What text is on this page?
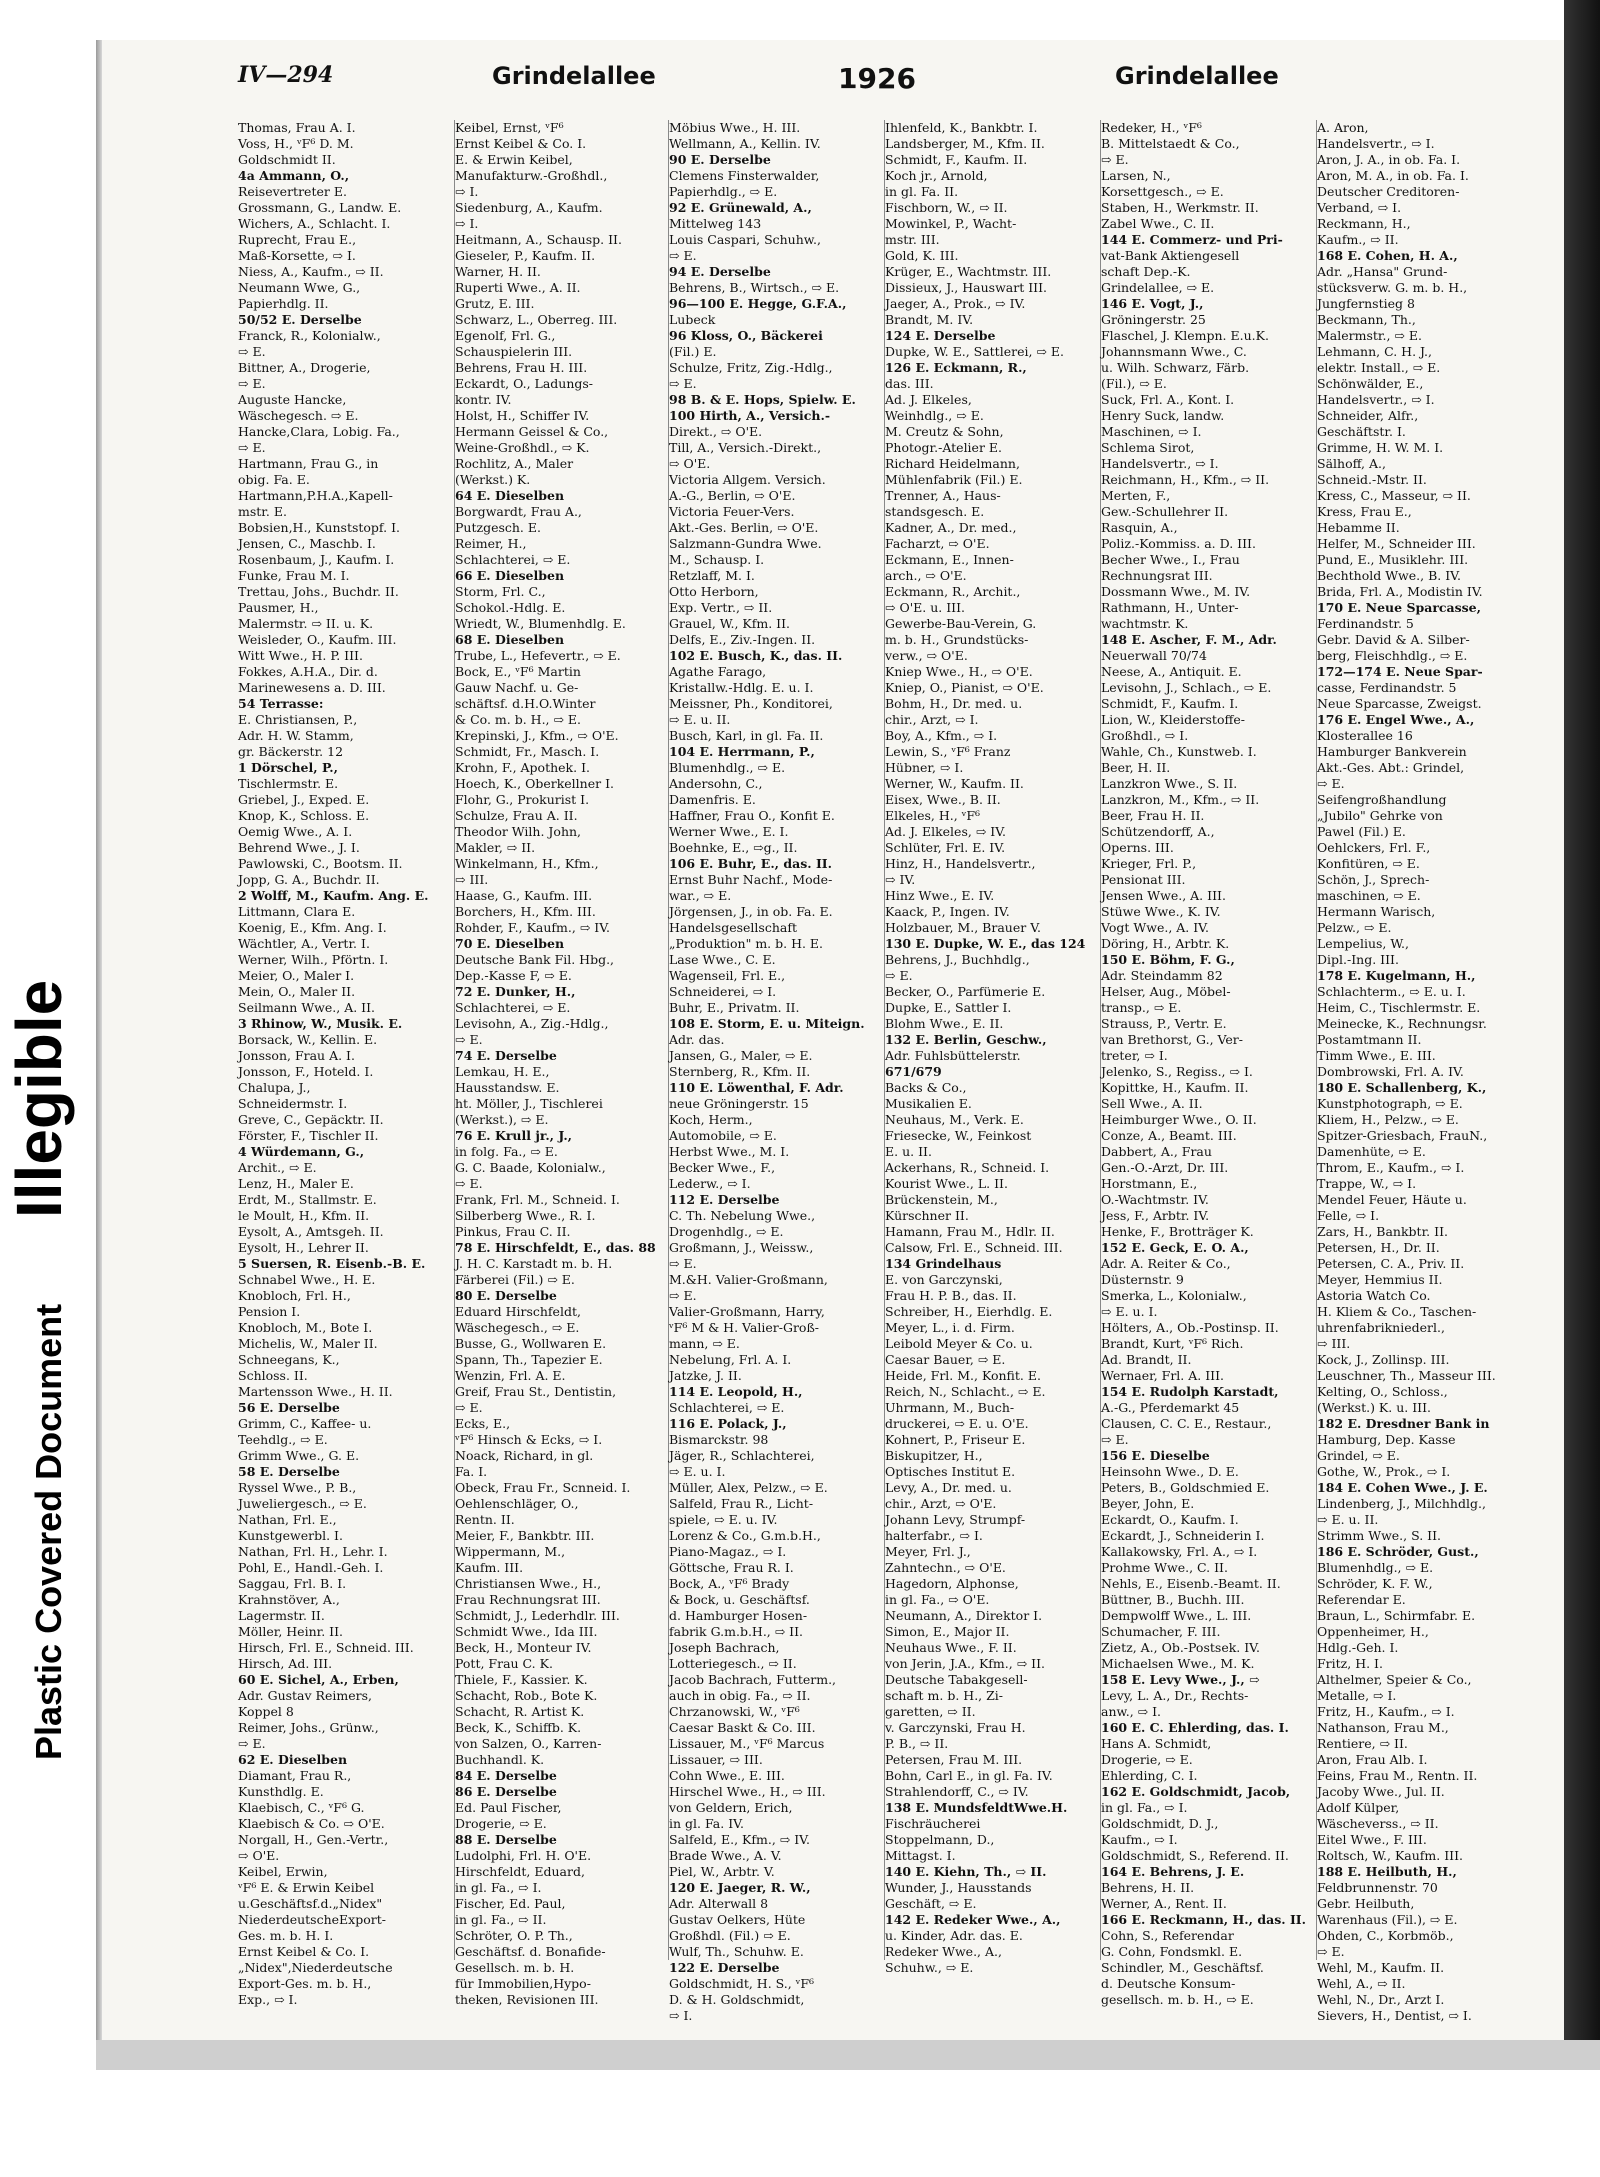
Illegible
Plastic Covered Document
IV—294	Grindelallee	1926	Grindelallee
Thomas, Frau A. I.
Voss, H., ᵛF⁶ D. M.
Goldschmidt II.
4a Ammann, O.,
Reisevertreter E.
Grossmann, G., Landw. E.
Wichers, A., Schlacht. I.
Ruprecht, Frau E.,
Maß-Korsette, ⇨ I.
Niess, A., Kaufm., ⇨ II.
Neumann Wwe, G.,
Papierhdlg. II.
50/52 E. Derselbe
Franck, R., Kolonialw.,
⇨ E.
Bittner, A., Drogerie,
⇨ E.
Auguste Hancke,
Wäschegesch. ⇨ E.
Hancke,Clara, Lobig. Fa.,
⇨ E.
Hartmann, Frau G., in
obig. Fa. E.
Hartmann,P.H.A.,Kapell-
mstr. E.
Bobsien,H., Kunststopf. I.
Jensen, C., Maschb. I.
Rosenbaum, J., Kaufm. I.
Funke, Frau M. I.
Trettau, Johs., Buchdr. II.
Pausmer, H.,
Malermstr. ⇨ II. u. K.
Weisleder, O., Kaufm. III.
Witt Wwe., H. P. III.
Fokkes, A.H.A., Dir. d.
Marinewesens a. D. III.
54 Terrasse:
E. Christiansen, P.,
Adr. H. W. Stamm,
gr. Bäckerstr. 12
1 Dörschel, P.,
Tischlermstr. E.
Griebel, J., Exped. E.
Knop, K., Schloss. E.
Oemig Wwe., A. I.
Behrend Wwe., J. I.
Pawlowski, C., Bootsm. II.
Jopp, G. A., Buchdr. II.
2 Wolff, M., Kaufm. Ang. E.
Littmann, Clara E.
Koenig, E., Kfm. Ang. I.
Wächtler, A., Vertr. I.
Werner, Wilh., Pförtn. I.
Meier, O., Maler I.
Mein, O., Maler II.
Seilmann Wwe., A. II.
3 Rhinow, W., Musik. E.
Borsack, W., Kellin. E.
Jonsson, Frau A. I.
Jonsson, F., Hoteld. I.
Chalupa, J.,
Schneidermstr. I.
Greve, C., Gepäcktr. II.
Förster, F., Tischler II.
4 Würdemann, G.,
Archit., ⇨ E.
Lenz, H., Maler E.
Erdt, M., Stallmstr. E.
le Moult, H., Kfm. II.
Eysolt, A., Amtsgeh. II.
Eysolt, H., Lehrer II.
5 Suersen, R. Eisenb.-B. E.
Schnabel Wwe., H. E.
Knobloch, Frl. H.,
Pension I.
Knobloch, M., Bote I.
Michelis, W., Maler II.
Schneegans, K.,
Schloss. II.
Martensson Wwe., H. II.
56 E. Derselbe
Grimm, C., Kaffee- u.
Teehdlg., ⇨ E.
Grimm Wwe., G. E.
58 E. Derselbe
Ryssel Wwe., P. B.,
Juweliergesch., ⇨ E.
Nathan, Frl. E.,
Kunstgewerbl. I.
Nathan, Frl. H., Lehr. I.
Pohl, E., Handl.-Geh. I.
Saggau, Frl. B. I.
Krahnstöver, A.,
Lagermstr. II.
Möller, Heinr. II.
Hirsch, Frl. E., Schneid. III.
Hirsch, Ad. III.
60 E. Sichel, A., Erben,
Adr. Gustav Reimers,
Koppel 8
Reimer, Johs., Grünw.,
⇨ E.
62 E. Dieselben
Diamant, Frau R.,
Kunsthdlg. E.
Klaebisch, C., ᵛF⁶ G.
Klaebisch & Co. ⇨ O'E.
Norgall, H., Gen.-Vertr.,
⇨ O'E.
Keibel, Erwin,
ᵛF⁶ E. & Erwin Keibel
u.Geschäftsf.d.„Nidex"
NiederdeutscheExport-
Ges. m. b. H. I.
Ernst Keibel & Co. I.
„Nidex",Niederdeutsche
Export-Ges. m. b. H.,
Exp., ⇨ I.
Keibel, Ernst, ᵛF⁶
Ernst Keibel & Co. I.
E. & Erwin Keibel,
Manufakturw.-Großhdl.,
⇨ I.
Siedenburg, A., Kaufm.
⇨ I.
Heitmann, A., Schausp. II.
Gieseler, P., Kaufm. II.
Warner, H. II.
Ruperti Wwe., A. II.
Grutz, E. III.
Schwarz, L., Oberreg. III.
Egenolf, Frl. G.,
Schauspielerin III.
Behrens, Frau H. III.
Eckardt, O., Ladungs-
kontr. IV.
Holst, H., Schiffer IV.
Hermann Geissel & Co.,
Weine-Großhdl., ⇨ K.
Rochlitz, A., Maler
(Werkst.) K.
64 E. Dieselben
Borgwardt, Frau A.,
Putzgesch. E.
Reimer, H.,
Schlachterei, ⇨ E.
66 E. Dieselben
Storm, Frl. C.,
Schokol.-Hdlg. E.
Wriedt, W., Blumenhdlg. E.
68 E. Dieselben
Trube, L., Hefevertr., ⇨ E.
Bock, E., ᵛF⁶ Martin
Gauw Nachf. u. Ge-
schäftsf. d.H.O.Winter
& Co. m. b. H., ⇨ E.
Krepinski, J., Kfm., ⇨ O'E.
Schmidt, Fr., Masch. I.
Krohn, F., Apothek. I.
Hoech, K., Oberkellner I.
Flohr, G., Prokurist I.
Schulze, Frau A. II.
Theodor Wilh. John,
Makler, ⇨ II.
Winkelmann, H., Kfm.,
⇨ III.
Haase, G., Kaufm. III.
Borchers, H., Kfm. III.
Rohder, F., Kaufm., ⇨ IV.
70 E. Dieselben
Deutsche Bank Fil. Hbg.,
Dep.-Kasse F, ⇨ E.
72 E. Dunker, H.,
Schlachterei, ⇨ E.
Levisohn, A., Zig.-Hdlg.,
⇨ E.
74 E. Derselbe
Lemkau, H. E.,
Hausstandsw. E.
ht. Möller, J., Tischlerei
(Werkst.), ⇨ E.
76 E. Krull jr., J.,
in folg. Fa., ⇨ E.
G. C. Baade, Kolonialw.,
⇨ E.
Frank, Frl. M., Schneid. I.
Silberberg Wwe., R. I.
Pinkus, Frau C. II.
78 E. Hirschfeldt, E., das. 88
J. H. C. Karstadt m. b. H.
Färberei (Fil.) ⇨ E.
80 E. Derselbe
Eduard Hirschfeldt,
Wäschegesch., ⇨ E.
Busse, G., Wollwaren E.
Spann, Th., Tapezier E.
Wenzin, Frl. A. E.
Greif, Frau St., Dentistin,
⇨ E.
Ecks, E.,
ᵛF⁶ Hinsch & Ecks, ⇨ I.
Noack, Richard, in gl.
Fa. I.
Obeck, Frau Fr., Scnneid. I.
Oehlenschläger, O.,
Rentn. II.
Meier, F., Bankbtr. III.
Wippermann, M.,
Kaufm. III.
Christiansen Wwe., H.,
Frau Rechnungsrat III.
Schmidt, J., Lederhdlr. III.
Schmidt Wwe., Ida III.
Beck, H., Monteur IV.
Pott, Frau C. K.
Thiele, F., Kassier. K.
Schacht, Rob., Bote K.
Schacht, R. Artist K.
Beck, K., Schiffb. K.
von Salzen, O., Karren-
Buchhandl. K.
84 E. Derselbe
86 E. Derselbe
Ed. Paul Fischer,
Drogerie, ⇨ E.
88 E. Derselbe
Ludolphi, Frl. H. O'E.
Hirschfeldt, Eduard,
in gl. Fa., ⇨ I.
Fischer, Ed. Paul,
in gl. Fa., ⇨ II.
Schröter, O. P. Th.,
Geschäftsf. d. Bonafide-
Gesellsch. m. b. H.
für Immobilien,Hypo-
theken, Revisionen III.
Möbius Wwe., H. III.
Wellmann, A., Kellin. IV.
90 E. Derselbe
Clemens Finsterwalder,
Papierhdlg., ⇨ E.
92 E. Grünewald, A.,
Mittelweg 143
Louis Caspari, Schuhw.,
⇨ E.
94 E. Derselbe
Behrens, B., Wirtsch., ⇨ E.
96—100 E. Hegge, G.F.A.,
Lubeck
96 Kloss, O., Bäckerei
(Fil.) E.
Schulze, Fritz, Zig.-Hdlg.,
⇨ E.
98 B. & E. Hops, Spielw. E.
100 Hirth, A., Versich.-
Direkt., ⇨ O'E.
Till, A., Versich.-Direkt.,
⇨ O'E.
Victoria Allgem. Versich.
A.-G., Berlin, ⇨ O'E.
Victoria Feuer-Vers.
Akt.-Ges. Berlin, ⇨ O'E.
Salzmann-Gundra Wwe.
M., Schausp. I.
Retzlaff, M. I.
Otto Herborn,
Exp. Vertr., ⇨ II.
Grauel, W., Kfm. II.
Delfs, E., Ziv.-Ingen. II.
102 E. Busch, K., das. II.
Agathe Farago,
Kristallw.-Hdlg. E. u. I.
Meissner, Ph., Konditorei,
⇨ E. u. II.
Busch, Karl, in gl. Fa. II.
104 E. Herrmann, P.,
Blumenhdlg., ⇨ E.
Andersohn, C.,
Damenfris. E.
Haffner, Frau O., Konfit E.
Werner Wwe., E. I.
Boehnke, E., ⇨g., II.
106 E. Buhr, E., das. II.
Ernst Buhr Nachf., Mode-
war., ⇨ E.
Jörgensen, J., in ob. Fa. E.
Handelsgesellschaft
„Produktion" m. b. H. E.
Lase Wwe., C. E.
Wagenseil, Frl. E.,
Schneiderei, ⇨ I.
Buhr, E., Privatm. II.
108 E. Storm, E. u. Miteign.
Adr. das.
Jansen, G., Maler, ⇨ E.
Sternberg, R., Kfm. II.
110 E. Löwenthal, F. Adr.
neue Gröningerstr. 15
Koch, Herm.,
Automobile, ⇨ E.
Herbst Wwe., M. I.
Becker Wwe., F.,
Lederw., ⇨ I.
112 E. Derselbe
C. Th. Nebelung Wwe.,
Drogenhdlg., ⇨ E.
Großmann, J., Weissw.,
⇨ E.
M.&H. Valier-Großmann,
⇨ E.
Valier-Großmann, Harry,
ᵛF⁶ M & H. Valier-Groß-
mann, ⇨ E.
Nebelung, Frl. A. I.
Jatzke, J. II.
114 E. Leopold, H.,
Schlachterei, ⇨ E.
116 E. Polack, J.,
Bismarckstr. 98
Jäger, R., Schlachterei,
⇨ E. u. I.
Müller, Alex, Pelzw., ⇨ E.
Salfeld, Frau R., Licht-
spiele, ⇨ E. u. IV.
Lorenz & Co., G.m.b.H.,
Piano-Magaz., ⇨ I.
Göttsche, Frau R. I.
Bock, A., ᵛF⁶ Brady
& Bock, u. Geschäftsf.
d. Hamburger Hosen-
fabrik G.m.b.H., ⇨ II.
Joseph Bachrach,
Lotteriegesch., ⇨ II.
Jacob Bachrach, Futterm.,
auch in obig. Fa., ⇨ II.
Chrzanowski, W., ᵛF⁶
Caesar Baskt & Co. III.
Lissauer, M., ᵛF⁶ Marcus
Lissauer, ⇨ III.
Cohn Wwe., E. III.
Hirschel Wwe., H., ⇨ III.
von Geldern, Erich,
in gl. Fa. IV.
Salfeld, E., Kfm., ⇨ IV.
Brade Wwe., A. V.
Piel, W., Arbtr. V.
120 E. Jaeger, R. W.,
Adr. Alterwall 8
Gustav Oelkers, Hüte
Großhdl. (Fil.) ⇨ E.
Wulf, Th., Schuhw. E.
122 E. Derselbe
Goldschmidt, H. S., ᵛF⁶
D. & H. Goldschmidt,
⇨ I.
Ihlenfeld, K., Bankbtr. I.
Landsberger, M., Kfm. II.
Schmidt, F., Kaufm. II.
Koch jr., Arnold,
in gl. Fa. II.
Fischborn, W., ⇨ II.
Mowinkel, P., Wacht-
mstr. III.
Gold, K. III.
Krüger, E., Wachtmstr. III.
Dissieux, J., Hauswart III.
Jaeger, A., Prok., ⇨ IV.
Brandt, M. IV.
124 E. Derselbe
Dupke, W. E., Sattlerei, ⇨ E.
126 E. Eckmann, R.,
das. III.
Ad. J. Elkeles,
Weinhdlg., ⇨ E.
M. Creutz & Sohn,
Photogr.-Atelier E.
Richard Heidelmann,
Mühlenfabrik (Fil.) E.
Trenner, A., Haus-
standsgesch. E.
Kadner, A., Dr. med.,
Facharzt, ⇨ O'E.
Eckmann, E., Innen-
arch., ⇨ O'E.
Eckmann, R., Archit.,
⇨ O'E. u. III.
Gewerbe-Bau-Verein, G.
m. b. H., Grundstücks-
verw., ⇨ O'E.
Kniep Wwe., H., ⇨ O'E.
Kniep, O., Pianist, ⇨ O'E.
Bohm, H., Dr. med. u.
chir., Arzt, ⇨ I.
Boy, A., Kfm., ⇨ I.
Lewin, S., ᵛF⁶ Franz
Hübner, ⇨ I.
Werner, W., Kaufm. II.
Eisex, Wwe., B. II.
Elkeles, H., ᵛF⁶
Ad. J. Elkeles, ⇨ IV.
Schlüter, Frl. E. IV.
Hinz, H., Handelsvertr.,
⇨ IV.
Hinz Wwe., E. IV.
Kaack, P., Ingen. IV.
Holzbauer, M., Brauer V.
130 E. Dupke, W. E., das 124
Behrens, J., Buchhdlg.,
⇨ E.
Becker, O., Parfümerie E.
Dupke, E., Sattler I.
Blohm Wwe., E. II.
132 E. Berlin, Geschw.,
Adr. Fuhlsbüttelerstr.
671/679
Backs & Co.,
Musikalien E.
Neuhaus, M., Verk. E.
Friesecke, W., Feinkost
E. u. II.
Ackerhans, R., Schneid. I.
Kourist Wwe., L. II.
Brückenstein, M.,
Kürschner II.
Hamann, Frau M., Hdlr. II.
Calsow, Frl. E., Schneid. III.
134 Grindelhaus
E. von Garczynski,
Frau H. P. B., das. II.
Schreiber, H., Eierhdlg. E.
Meyer, L., i. d. Firm.
Leibold Meyer & Co. u.
Caesar Bauer, ⇨ E.
Heide, Frl. M., Konfit. E.
Reich, N., Schlacht., ⇨ E.
Uhrmann, M., Buch-
druckerei, ⇨ E. u. O'E.
Kohnert, P., Friseur E.
Biskupitzer, H.,
Optisches Institut E.
Levy, A., Dr. med. u.
chir., Arzt, ⇨ O'E.
Johann Levy, Strumpf-
halterfabr., ⇨ I.
Meyer, Frl. J.,
Zahntechn., ⇨ O'E.
Hagedorn, Alphonse,
in gl. Fa., ⇨ O'E.
Neumann, A., Direktor I.
Simon, E., Major II.
Neuhaus Wwe., F. II.
von Jerin, J.A., Kfm., ⇨ II.
Deutsche Tabakgesell-
schaft m. b. H., Zi-
garetten, ⇨ II.
v. Garczynski, Frau H.
P. B., ⇨ II.
Petersen, Frau M. III.
Bohn, Carl E., in gl. Fa. IV.
Strahlendorff, C., ⇨ IV.
138 E. MundsfeldtWwe.H.
Fischräucherei
Stoppelmann, D.,
Mittagst. I.
140 E. Kiehn, Th., ⇨ II.
Wunder, J., Hausstands
Geschäft, ⇨ E.
142 E. Redeker Wwe., A.,
u. Kinder, Adr. das. E.
Redeker Wwe., A.,
Schuhw., ⇨ E.
Redeker, H., ᵛF⁶
B. Mittelstaedt & Co.,
⇨ E.
Larsen, N.,
Korsettgesch., ⇨ E.
Staben, H., Werkmstr. II.
Zabel Wwe., C. II.
144 E. Commerz- und Pri-
vat-Bank Aktiengesell
schaft Dep.-K.
Grindelallee, ⇨ E.
146 E. Vogt, J.,
Gröningerstr. 25
Flaschel, J. Klempn. E.u.K.
Johannsmann Wwe., C.
u. Wilh. Schwarz, Färb.
(Fil.), ⇨ E.
Suck, Frl. A., Kont. I.
Henry Suck, landw.
Maschinen, ⇨ I.
Schlema Sirot,
Handelsvertr., ⇨ I.
Reichmann, H., Kfm., ⇨ II.
Merten, F.,
Gew.-Schullehrer II.
Rasquin, A.,
Poliz.-Kommiss. a. D. III.
Becher Wwe., I., Frau
Rechnungsrat III.
Dossmann Wwe., M. IV.
Rathmann, H., Unter-
wachtmstr. K.
148 E. Ascher, F. M., Adr.
Neuerwall 70/74
Neese, A., Antiquit. E.
Levisohn, J., Schlach., ⇨ E.
Schmidt, F., Kaufm. I.
Lion, W., Kleiderstoffe-
Großhdl., ⇨ I.
Wahle, Ch., Kunstweb. I.
Beer, H. II.
Lanzkron Wwe., S. II.
Lanzkron, M., Kfm., ⇨ II.
Beer, Frau H. II.
Schützendorff, A.,
Operns. III.
Krieger, Frl. P.,
Pensionat III.
Jensen Wwe., A. III.
Stüwe Wwe., K. IV.
Vogt Wwe., A. IV.
Döring, H., Arbtr. K.
150 E. Böhm, F. G.,
Adr. Steindamm 82
Helser, Aug., Möbel-
transp., ⇨ E.
Strauss, P., Vertr. E.
van Brethorst, G., Ver-
treter, ⇨ I.
Jelenko, S., Regiss., ⇨ I.
Kopittke, H., Kaufm. II.
Sell Wwe., A. II.
Heimburger Wwe., O. II.
Conze, A., Beamt. III.
Dabbert, A., Frau
Gen.-O.-Arzt, Dr. III.
Horstmann, E.,
O.-Wachtmstr. IV.
Jess, F., Arbtr. IV.
Henke, F., Brotträger K.
152 E. Geck, E. O. A.,
Adr. A. Reiter & Co.,
Düsternstr. 9
Smerka, L., Kolonialw.,
⇨ E. u. I.
Hölters, A., Ob.-Postinsp. II.
Brandt, Kurt, ᵛF⁶ Rich.
Ad. Brandt, II.
Wernaer, Frl. A. III.
154 E. Rudolph Karstadt,
A.-G., Pferdemarkt 45
Clausen, C. C. E., Restaur.,
⇨ E.
156 E. Dieselbe
Heinsohn Wwe., D. E.
Peters, B., Goldschmied E.
Beyer, John, E.
Eckardt, O., Kaufm. I.
Eckardt, J., Schneiderin I.
Kallakowsky, Frl. A., ⇨ I.
Prohme Wwe., C. II.
Nehls, E., Eisenb.-Beamt. II.
Büttner, B., Buchh. III.
Dempwolff Wwe., L. III.
Schumacher, F. III.
Zietz, A., Ob.-Postsek. IV.
Michaelsen Wwe., M. K.
158 E. Levy Wwe., J., ⇨
Levy, L. A., Dr., Rechts-
anw., ⇨ I.
160 E. C. Ehlerding, das. I.
Hans A. Schmidt,
Drogerie, ⇨ E.
Ehlerding, C. I.
162 E. Goldschmidt, Jacob,
in gl. Fa., ⇨ I.
Goldschmidt, D. J.,
Kaufm., ⇨ I.
Goldschmidt, S., Referend. II.
164 E. Behrens, J. E.
Behrens, H. II.
Werner, A., Rent. II.
166 E. Reckmann, H., das. II.
Cohn, S., Referendar
G. Cohn, Fondsmkl. E.
Schindler, M., Geschäftsf.
d. Deutsche Konsum-
gesellsch. m. b. H., ⇨ E.
A. Aron,
Handelsvertr., ⇨ I.
Aron, J. A., in ob. Fa. I.
Aron, M. A., in ob. Fa. I.
Deutscher Creditoren-
Verband, ⇨ I.
Reckmann, H.,
Kaufm., ⇨ II.
168 E. Cohen, H. A.,
Adr. „Hansa" Grund-
stücksverw. G. m. b. H.,
Jungfernstieg 8
Beckmann, Th.,
Malermstr., ⇨ E.
Lehmann, C. H. J.,
elektr. Install., ⇨ E.
Schönwälder, E.,
Handelsvertr., ⇨ I.
Schneider, Alfr.,
Geschäftstr. I.
Grimme, H. W. M. I.
Sälhoff, A.,
Schneid.-Mstr. II.
Kress, C., Masseur, ⇨ II.
Kress, Frau E.,
Hebamme II.
Helfer, M., Schneider III.
Pund, E., Musiklehr. III.
Bechthold Wwe., B. IV.
Brida, Frl. A., Modistin IV.
170 E. Neue Sparcasse,
Ferdinandstr. 5
Gebr. David & A. Silber-
berg, Fleischhdlg., ⇨ E.
172—174 E. Neue Spar-
casse, Ferdinandstr. 5
Neue Sparcasse, Zweigst.
176 E. Engel Wwe., A.,
Klosterallee 16
Hamburger Bankverein
Akt.-Ges. Abt.: Grindel,
⇨ E.
Seifengroßhandlung
„Jubilo" Gehrke von
Pawel (Fil.) E.
Oehlckers, Frl. F.,
Konfitüren, ⇨ E.
Schön, J., Sprech-
maschinen, ⇨ E.
Hermann Warisch,
Pelzw., ⇨ E.
Lempelius, W.,
Dipl.-Ing. III.
178 E. Kugelmann, H.,
Schlachterm., ⇨ E. u. I.
Heim, C., Tischlermstr. E.
Meinecke, K., Rechnungsr.
Postamtmann II.
Timm Wwe., E. III.
Dombrowski, Frl. A. IV.
180 E. Schallenberg, K.,
Kunstphotograph, ⇨ E.
Kliem, H., Pelzw., ⇨ E.
Spitzer-Griesbach, FrauN.,
Damenhüte, ⇨ E.
Throm, E., Kaufm., ⇨ I.
Trappe, W., ⇨ I.
Mendel Feuer, Häute u.
Felle, ⇨ I.
Zars, H., Bankbtr. II.
Petersen, H., Dr. II.
Petersen, C. A., Priv. II.
Meyer, Hemmius II.
Astoria Watch Co.
H. Kliem & Co., Taschen-
uhrenfabrikniederl.,
⇨ III.
Kock, J., Zollinsp. III.
Leuschner, Th., Masseur III.
Kelting, O., Schloss.,
(Werkst.) K. u. III.
182 E. Dresdner Bank in
Hamburg, Dep. Kasse
Grindel, ⇨ E.
Gothe, W., Prok., ⇨ I.
184 E. Cohen Wwe., J. E.
Lindenberg, J., Milchhdlg.,
⇨ E. u. II.
Strimm Wwe., S. II.
186 E. Schröder, Gust.,
Blumenhdlg., ⇨ E.
Schröder, K. F. W.,
Referendar E.
Braun, L., Schirmfabr. E.
Oppenheimer, H.,
Hdlg.-Geh. I.
Fritz, H. I.
Althelmer, Speier & Co.,
Metalle, ⇨ I.
Fritz, H., Kaufm., ⇨ I.
Nathanson, Frau M.,
Rentiere, ⇨ II.
Aron, Frau Alb. I.
Feins, Frau M., Rentn. II.
Jacoby Wwe., Jul. II.
Adolf Külper,
Wäscheverss., ⇨ II.
Eitel Wwe., F. III.
Roltsch, W., Kaufm. III.
188 E. Heilbuth, H.,
Feldbrunnenstr. 70
Gebr. Heilbuth,
Warenhaus (Fil.), ⇨ E.
Ohden, C., Korbmöb.,
⇨ E.
Wehl, M., Kaufm. II.
Wehl, A., ⇨ II.
Wehl, N., Dr., Arzt I.
Sievers, H., Dentist, ⇨ I.
